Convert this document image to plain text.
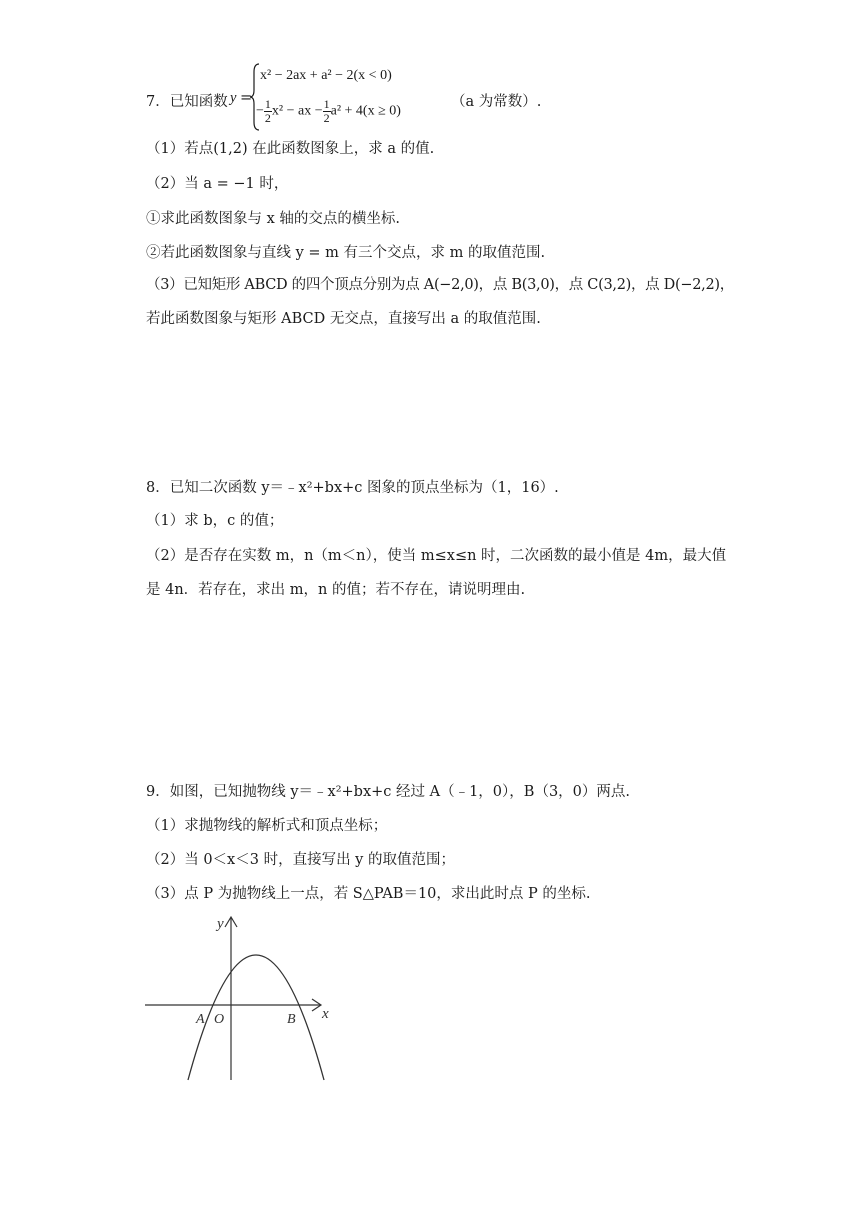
7．已知函数 y =
x² − 2ax + a² − 2(x < 0)
− $\frac{1}{2} x^2$ − ax − $\frac{1}{2} a^2 + 4(x \ge 0)$
（a 为常数）.
（1）若点(1,2) 在此函数图象上，求 a 的值.
（2）当 a = −1 时，
①求此函数图象与 x 轴的交点的横坐标.
②若此函数图象与直线 y = m 有三个交点，求 m 的取值范围.
（3）已知矩形 ABCD 的四个顶点分别为点 A(−2,0)，点 B(3,0)，点 C(3,2)，点 D(−2,2)，
若此函数图象与矩形 ABCD 无交点，直接写出 a 的取值范围.
8．已知二次函数 y＝﹣x²+bx+c 图象的顶点坐标为（1，16）.
（1）求 b，c 的值；
（2）是否存在实数 m，n（m＜n），使当 m≤x≤n 时，二次函数的最小值是 4m，最大值
是 4n．若存在，求出 m，n 的值；若不存在，请说明理由.
9．如图，已知抛物线 y＝﹣x²+bx+c 经过 A（﹣1，0），B（3，0）两点.
（1）求抛物线的解析式和顶点坐标；
（2）当 0＜x＜3 时，直接写出 y 的取值范围；
（3）点 P 为抛物线上一点，若 S△PAB＝10，求出此时点 P 的坐标.
y
x
A O	B
